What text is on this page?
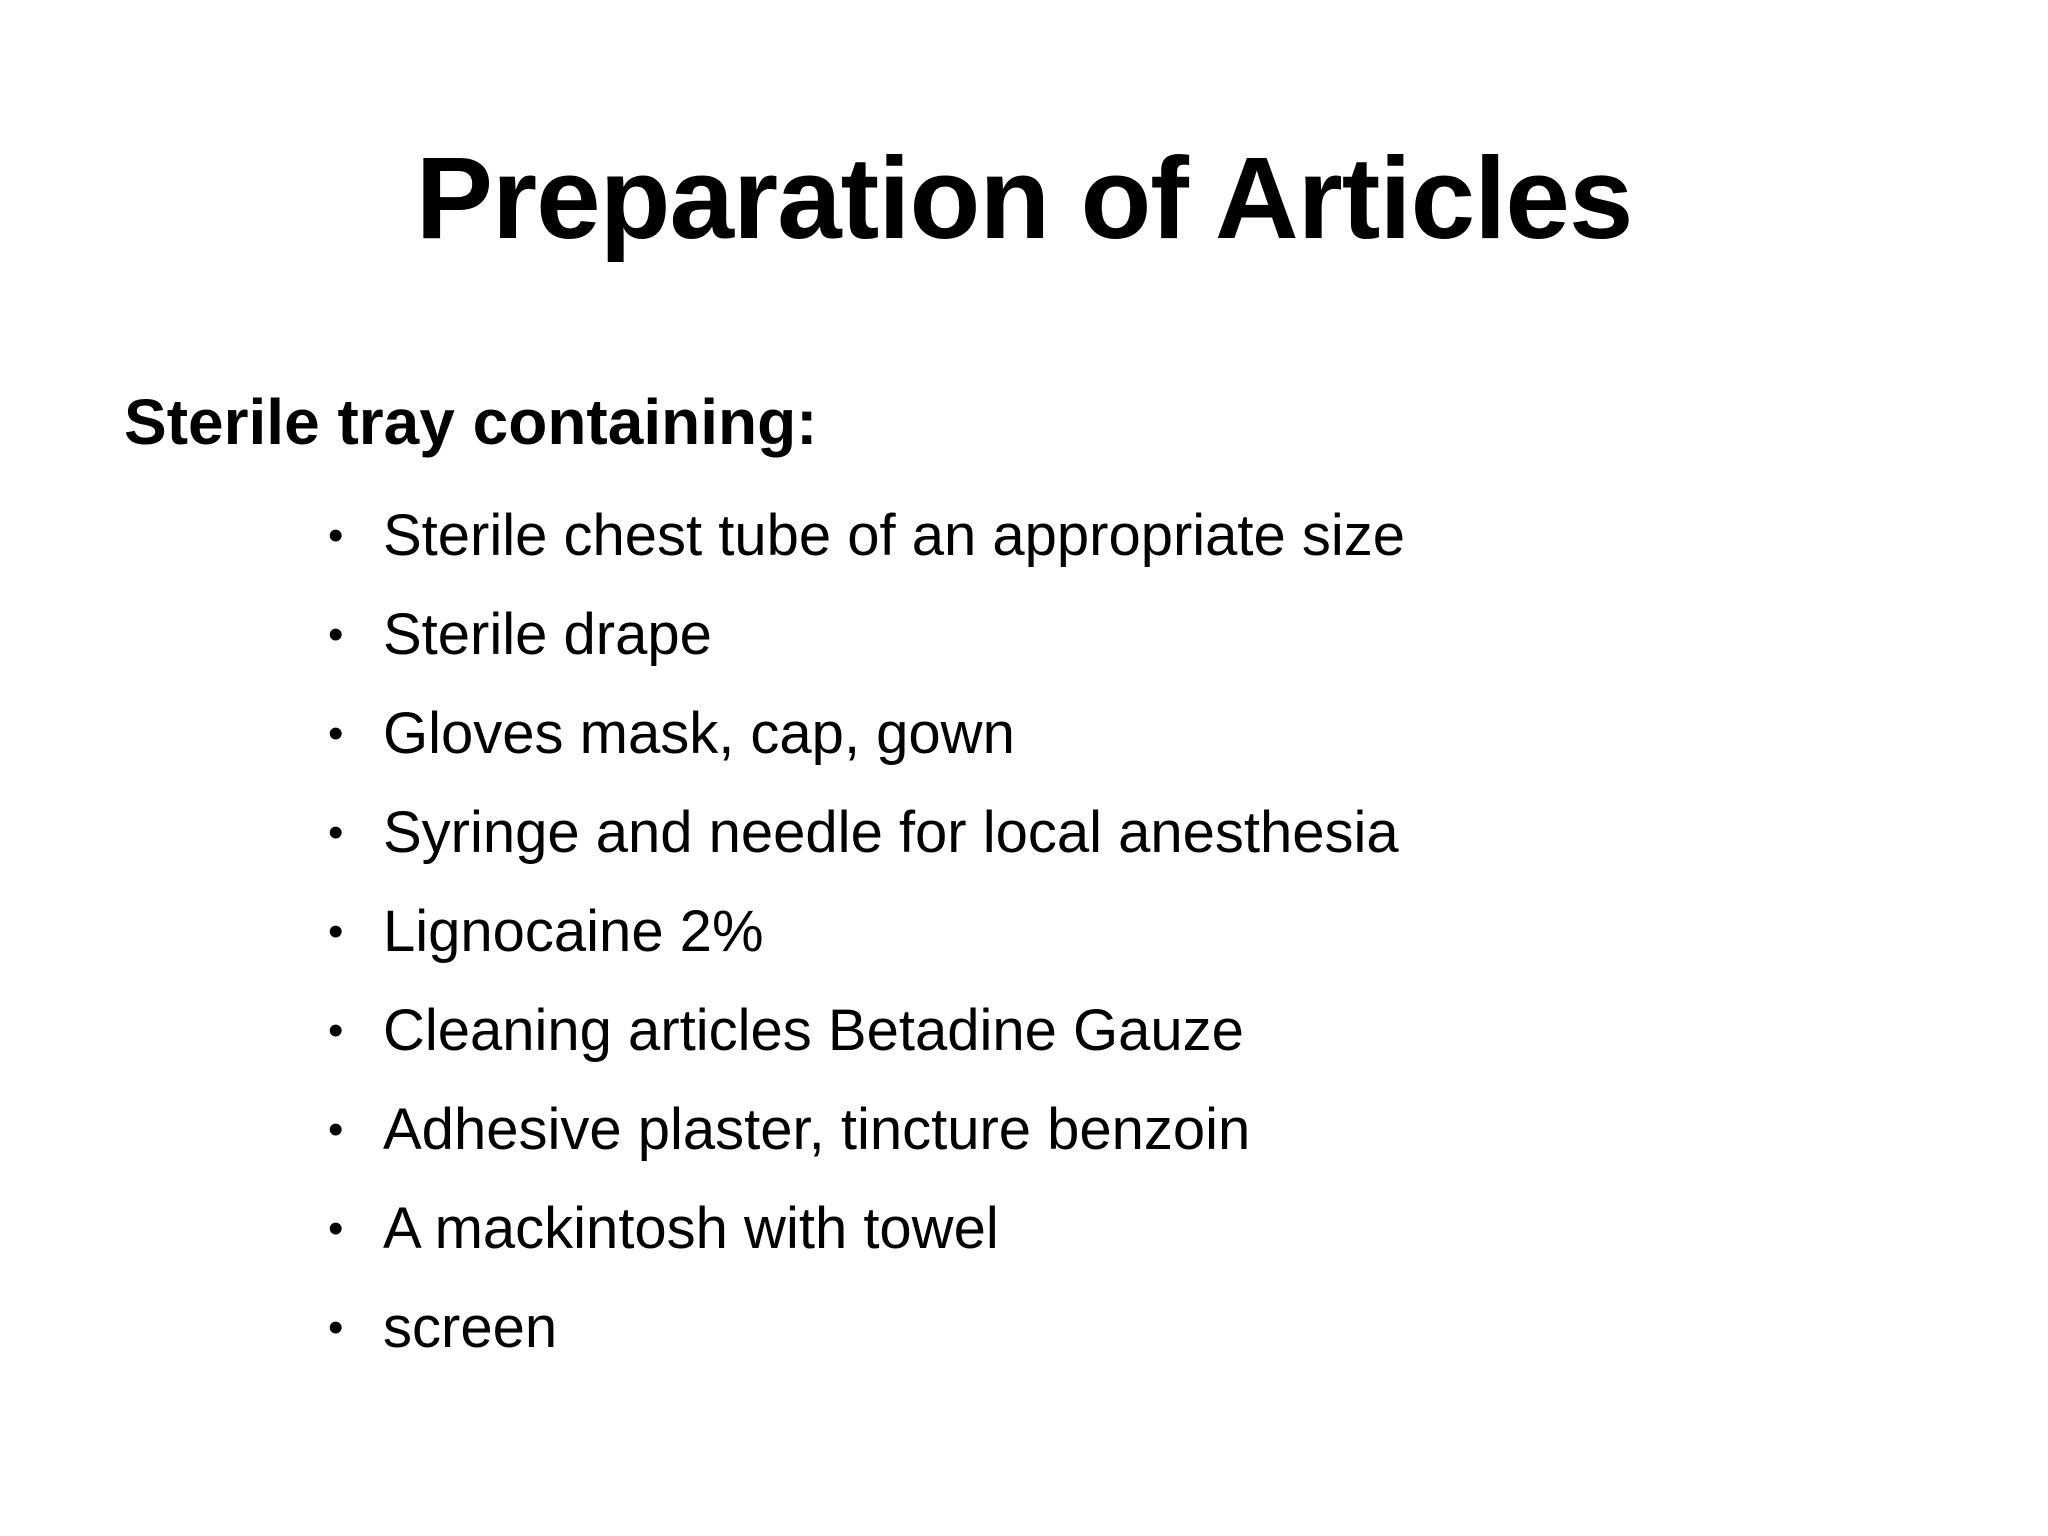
Preparation of Articles
Sterile tray containing:
• Sterile chest tube of an appropriate size
• Sterile drape
• Gloves mask, cap, gown
• Syringe and needle for local anesthesia
• Lignocaine 2%
• Cleaning articles Betadine Gauze
• Adhesive plaster, tincture benzoin
• A mackintosh with towel
• screen
